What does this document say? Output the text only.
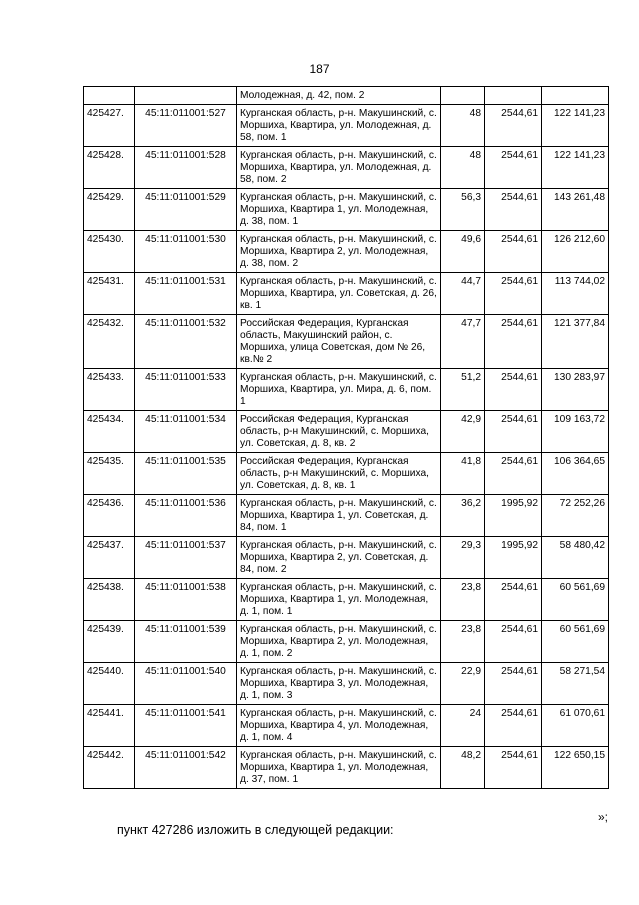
187
		Молодежная, д. 42, пом. 2			
425427.	45:11:011001:527	Курганская область, р-н. Макушинский, с. Моршиха, Квартира, ул. Молодежная, д. 58, пом. 1	48	2544,61	122 141,23
425428.	45:11:011001:528	Курганская область, р-н. Макушинский, с. Моршиха, Квартира, ул. Молодежная, д. 58, пом. 2	48	2544,61	122 141,23
425429.	45:11:011001:529	Курганская область, р-н. Макушинский, с. Моршиха, Квартира 1, ул. Молодежная, д. 38, пом. 1	56,3	2544,61	143 261,48
425430.	45:11:011001:530	Курганская область, р-н. Макушинский, с. Моршиха, Квартира 2, ул. Молодежная, д. 38, пом. 2	49,6	2544,61	126 212,60
425431.	45:11:011001:531	Курганская область, р-н. Макушинский, с. Моршиха, Квартира, ул. Советская, д. 26, кв. 1	44,7	2544,61	113 744,02
425432.	45:11:011001:532	Российская Федерация, Курганская область, Макушинский район, с. Моршиха, улица Советская, дом № 26, кв.№ 2	47,7	2544,61	121 377,84
425433.	45:11:011001:533	Курганская область, р-н. Макушинский, с. Моршиха, Квартира, ул. Мира, д. 6, пом. 1	51,2	2544,61	130 283,97
425434.	45:11:011001:534	Российская Федерация, Курганская область, р-н Макушинский, с. Моршиха, ул. Советская, д. 8, кв. 2	42,9	2544,61	109 163,72
425435.	45:11:011001:535	Российская Федерация, Курганская область, р-н Макушинский, с. Моршиха, ул. Советская, д. 8, кв. 1	41,8	2544,61	106 364,65
425436.	45:11:011001:536	Курганская область, р-н. Макушинский, с. Моршиха, Квартира 1, ул. Советская, д. 84, пом. 1	36,2	1995,92	72 252,26
425437.	45:11:011001:537	Курганская область, р-н. Макушинский, с. Моршиха, Квартира 2, ул. Советская, д. 84, пом. 2	29,3	1995,92	58 480,42
425438.	45:11:011001:538	Курганская область, р-н. Макушинский, с. Моршиха, Квартира 1, ул. Молодежная, д. 1, пом. 1	23,8	2544,61	60 561,69
425439.	45:11:011001:539	Курганская область, р-н. Макушинский, с. Моршиха, Квартира 2, ул. Молодежная, д. 1, пом. 2	23,8	2544,61	60 561,69
425440.	45:11:011001:540	Курганская область, р-н. Макушинский, с. Моршиха, Квартира 3, ул. Молодежная, д. 1, пом. 3	22,9	2544,61	58 271,54
425441.	45:11:011001:541	Курганская область, р-н. Макушинский, с. Моршиха, Квартира 4, ул. Молодежная, д. 1, пом. 4	24	2544,61	61 070,61
425442.	45:11:011001:542	Курганская область, р-н. Макушинский, с. Моршиха, Квартира 1, ул. Молодежная, д. 37, пом. 1	48,2	2544,61	122 650,15
»;
пункт 427286 изложить в следующей редакции:
